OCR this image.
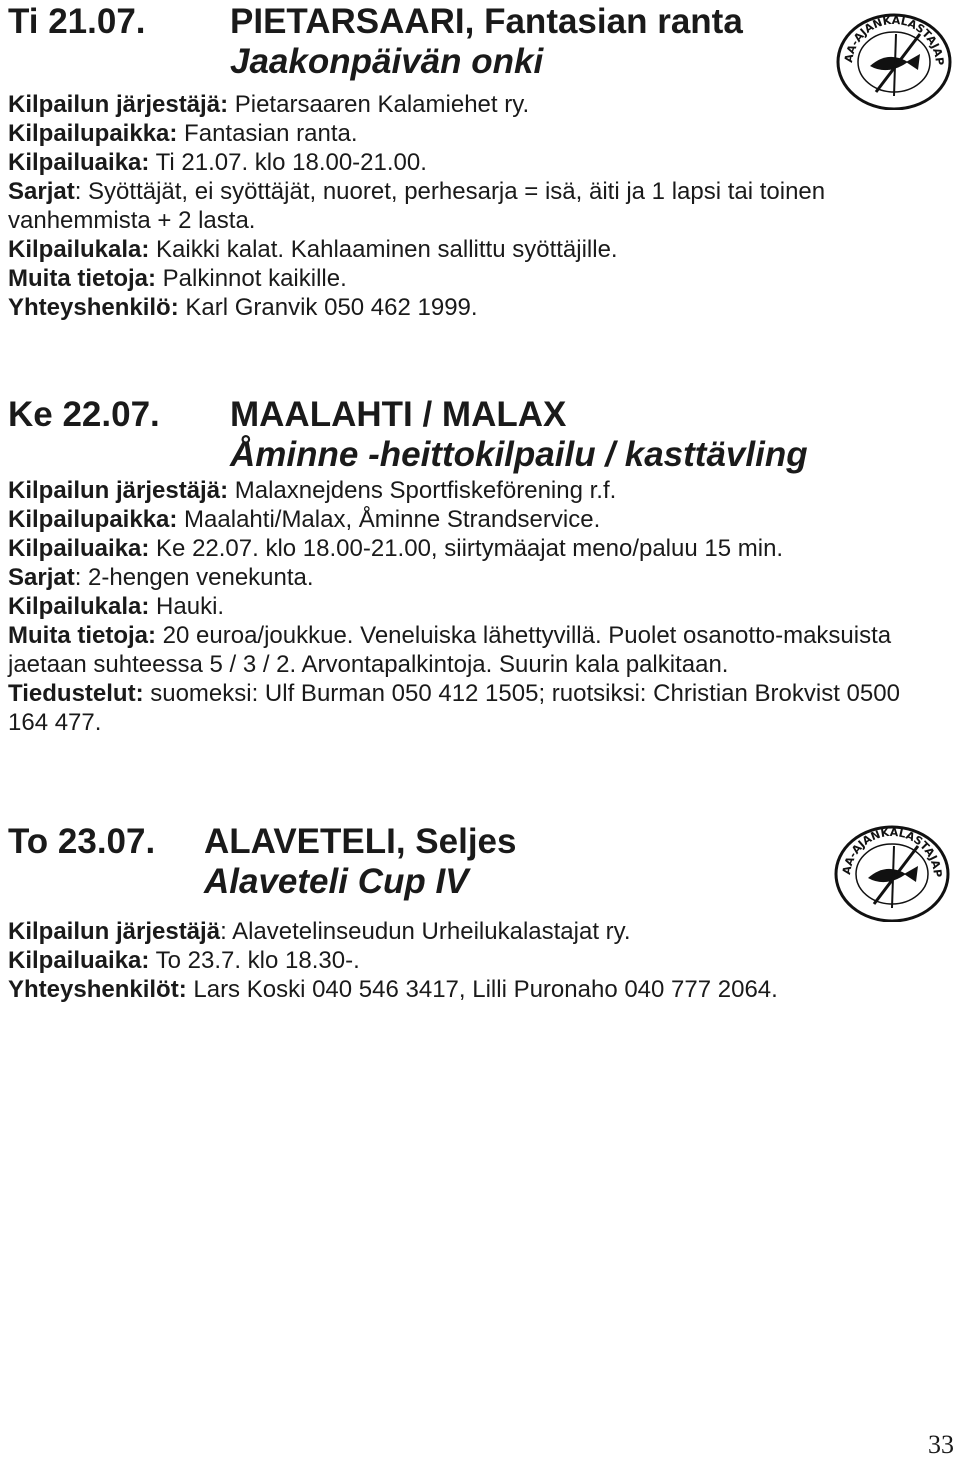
Ti 21.07. PIETARSAARI, Fantasian ranta
Jaakonpäivän onki

Kilpailun järjestäjä: Pietarsaaren Kalamiehet ry.

Kilpailupaikka: Fantasian ranta.

Kilpailuaika: Ti 21.07. klo 18.00-21.00.

Sarjat: Syöttäjät, ei syöttäjät, nuoret, perhesarja = isä, äiti ja 1 lapsi tai toinen vanhemmista + 2 lasta.

Kilpailukala: Kaikki kalat. Kahlaaminen sallittu syöttäjille.

Muita tietoja: Palkinnot kaikille.

Yhteyshenkilö: Karl Granvik 050 462 1999.

AA-AJANKALASTAJAP
Ke 22.07. MAALAHTI / MALAX
Åminne -heittokilpailu / kasttävling

Kilpailun järjestäjä: Malaxnejdens Sportfiskeförening r.f.

Kilpailupaikka: Maalahti/Malax, Åminne Strandservice.

Kilpailuaika: Ke 22.07. klo 18.00-21.00, siirtymäajat meno/paluu 15 min.

Sarjat: 2-hengen venekunta.

Kilpailukala: Hauki.

Muita tietoja: 20 euroa/joukkue. Veneluiska lähettyvillä. Puolet osanotto-maksuista jaetaan suhteessa 5 / 3 / 2. Arvontapalkintoja. Suurin kala palkitaan.

Tiedustelut: suomeksi: Ulf Burman 050 412 1505; ruotsiksi: Christian Brokvist 0500 164 477.

To 23.07. ALAVETELI, Seljes
Alaveteli Cup IV

Kilpailun järjestäjä: Alavetelinseudun Urheilukalastajat ry.

Kilpailuaika: To 23.7. klo 18.30-.

Yhteyshenkilöt: Lars Koski 040 546 3417, Lilli Puronaho 040 777 2064.

AA-AJANKALASTAJAP
33
